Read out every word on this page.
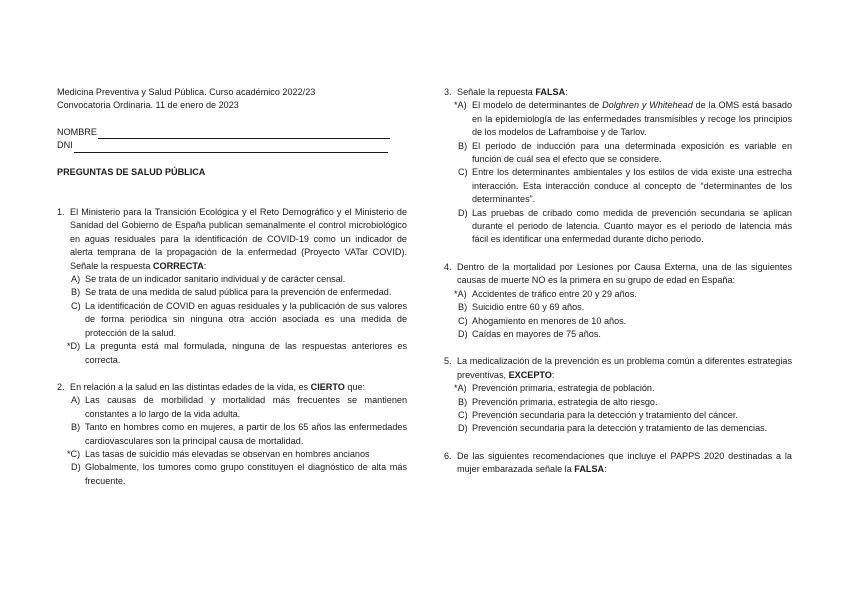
Medicina Preventiva y Salud Pública. Curso académico 2022/23
Convocatoria Ordinaria. 11 de enero de 2023
NOMBRE
DNI
PREGUNTAS DE SALUD PÚBLICA
1. El Ministerio para la Transición Ecológica y el Reto Demográfico y el Ministerio de Sanidad del Gobierno de España publican semanalmente el control microbiológico en aguas residuales para la identificación de COVID-19 como un indicador de alerta temprana de la propagación de la enfermedad (Proyecto VATar COVID). Señale la respuesta CORRECTA:
A) Se trata de un indicador sanitario individual y de carácter censal.
B) Se trata de una medida de salud pública para la prevención de enfermedad.
C) La identificación de COVID en aguas residuales y la publicación de sus valores de forma periódica sin ninguna otra acción asociada es una medida de protección de la salud.
*D) La pregunta está mal formulada, ninguna de las respuestas anteriores es correcta.
2. En relación a la salud en las distintas edades de la vida, es CIERTO que:
A) Las causas de morbilidad y mortalidad más frecuentes se mantienen constantes a lo largo de la vida adulta.
B) Tanto en hombres como en mujeres, a partir de los 65 años las enfermedades cardiovasculares son la principal causa de mortalidad.
*C) Las tasas de suicidio más elevadas se observan en hombres ancianos
D) Globalmente, los tumores como grupo constituyen el diagnóstico de alta más frecuente.
3. Señale la repuesta FALSA:
*A) El modelo de determinantes de Dolghren y Whitehead de la OMS está basado en la epidemiología de las enfermedades transmisibles y recoge los principios de los modelos de Laframboise y de Tarlov.
B) El periodo de inducción para una determinada exposición es variable en función de cuál sea el efecto que se considere.
C) Entre los determinantes ambientales y los estilos de vida existe una estrecha interacción. Esta interacción conduce al concepto de “determinantes de los determinantes”.
D) Las pruebas de cribado como medida de prevención secundaria se aplican durante el periodo de latencia. Cuanto mayor es el periodo de latencia más fácil es identificar una enfermedad durante dicho periodo.
4. Dentro de la mortalidad por Lesiones por Causa Externa, una de las siguientes causas de muerte NO es la primera en su grupo de edad en España:
*A) Accidentes de tráfico entre 20 y 29 años.
B) Suicidio entre 60 y 69 años.
C) Ahogamiento en menores de 10 años.
D) Caídas en mayores de 75 años.
5. La medicalización de la prevención es un problema común a diferentes estrategias preventivas, EXCEPTO:
*A) Prevención primaria, estrategia de población.
B) Prevención primaria, estrategia de alto riesgo.
C) Prevención secundaria para la detección y tratamiento del cáncer.
D) Prevención secundaria para la detección y tratamiento de las demencias.
6. De las siguientes recomendaciones que incluye el PAPPS 2020 destinadas a la mujer embarazada señale la FALSA:
